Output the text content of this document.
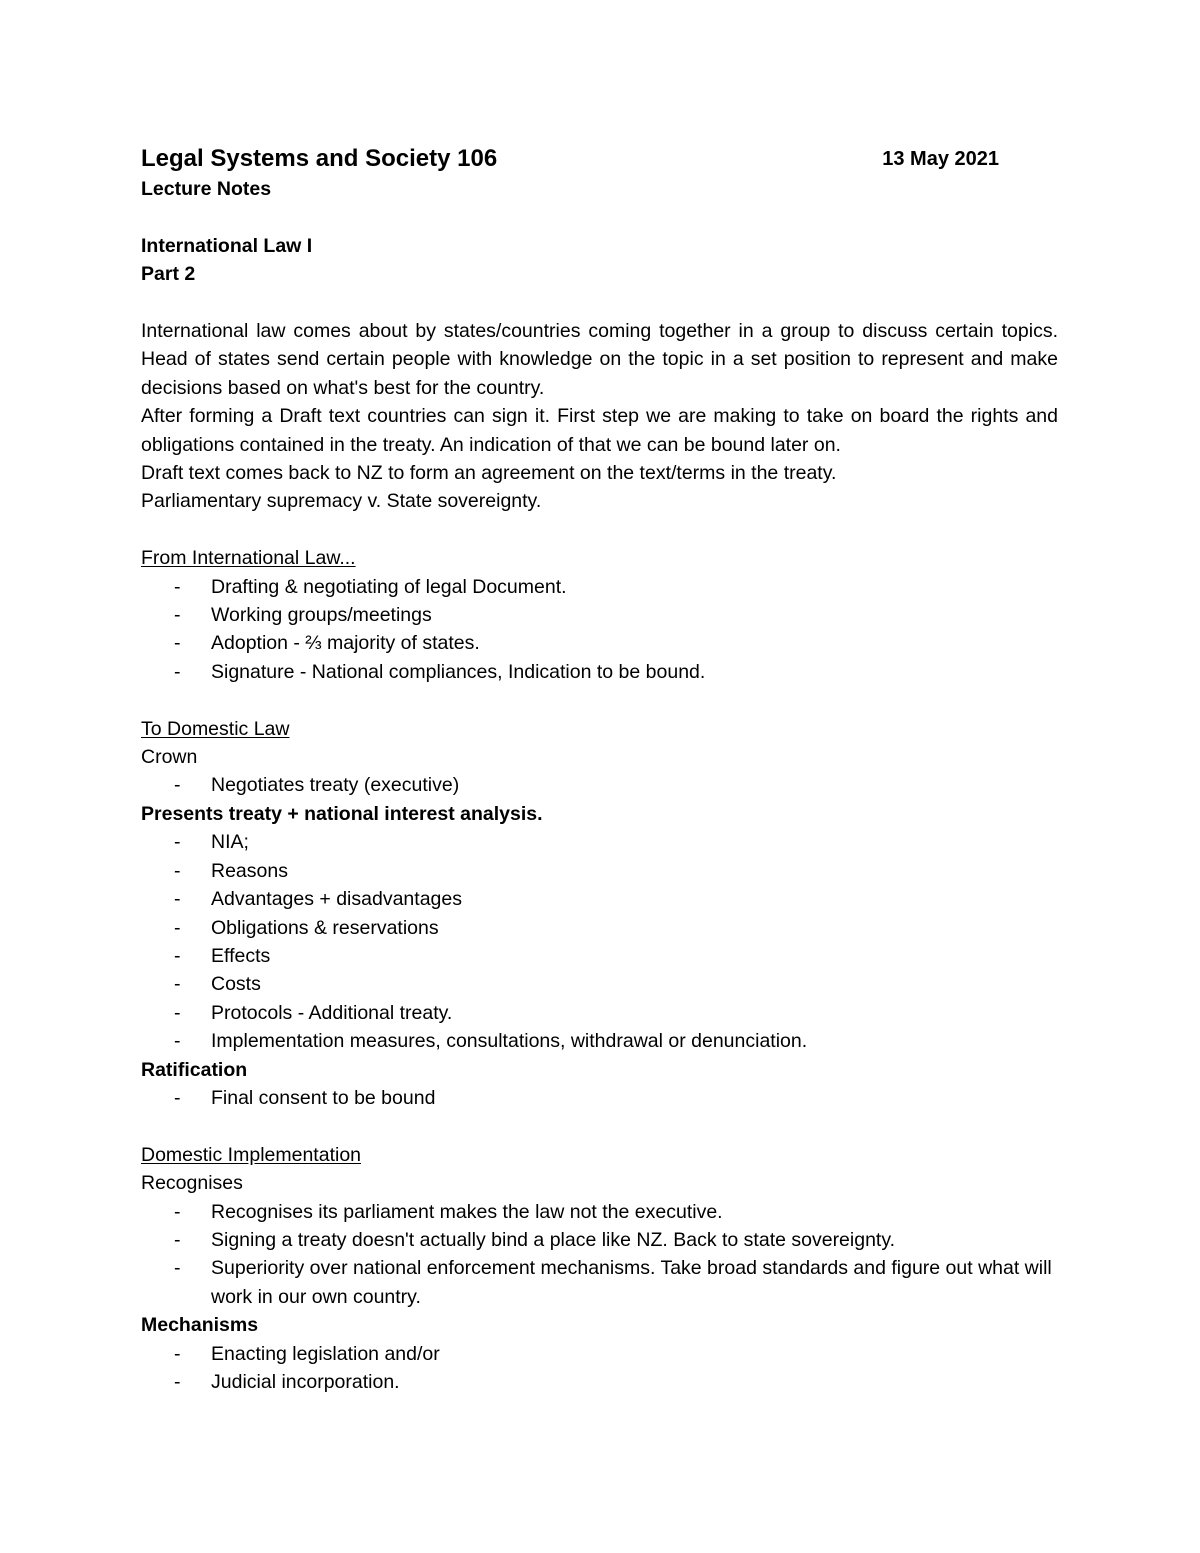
Legal Systems and Society 106	13 May 2021
Lecture Notes
International Law I
Part 2
International law comes about by states/countries coming together in a group to discuss certain topics. Head of states send certain people with knowledge on the topic in a set position to represent and make decisions based on what's best for the country.
After forming a Draft text countries can sign it. First step we are making to take on board the rights and obligations contained in the treaty. An indication of that we can be bound later on.
Draft text comes back to NZ to form an agreement on the text/terms in the treaty.
Parliamentary supremacy v. State sovereignty.
From International Law...
- Drafting & negotiating of legal Document.
- Working groups/meetings
- Adoption - ⅔ majority of states.
- Signature - National compliances, Indication to be bound.
To Domestic Law
Crown
- Negotiates treaty (executive)
Presents treaty + national interest analysis.
- NIA;
- Reasons
- Advantages + disadvantages
- Obligations & reservations
- Effects
- Costs
- Protocols - Additional treaty.
- Implementation measures, consultations, withdrawal or denunciation.
Ratification
- Final consent to be bound
Domestic Implementation
Recognises
- Recognises its parliament makes the law not the executive.
- Signing a treaty doesn't actually bind a place like NZ. Back to state sovereignty.
- Superiority over national enforcement mechanisms. Take broad standards and figure out what will work in our own country.
Mechanisms
- Enacting legislation and/or
- Judicial incorporation.
